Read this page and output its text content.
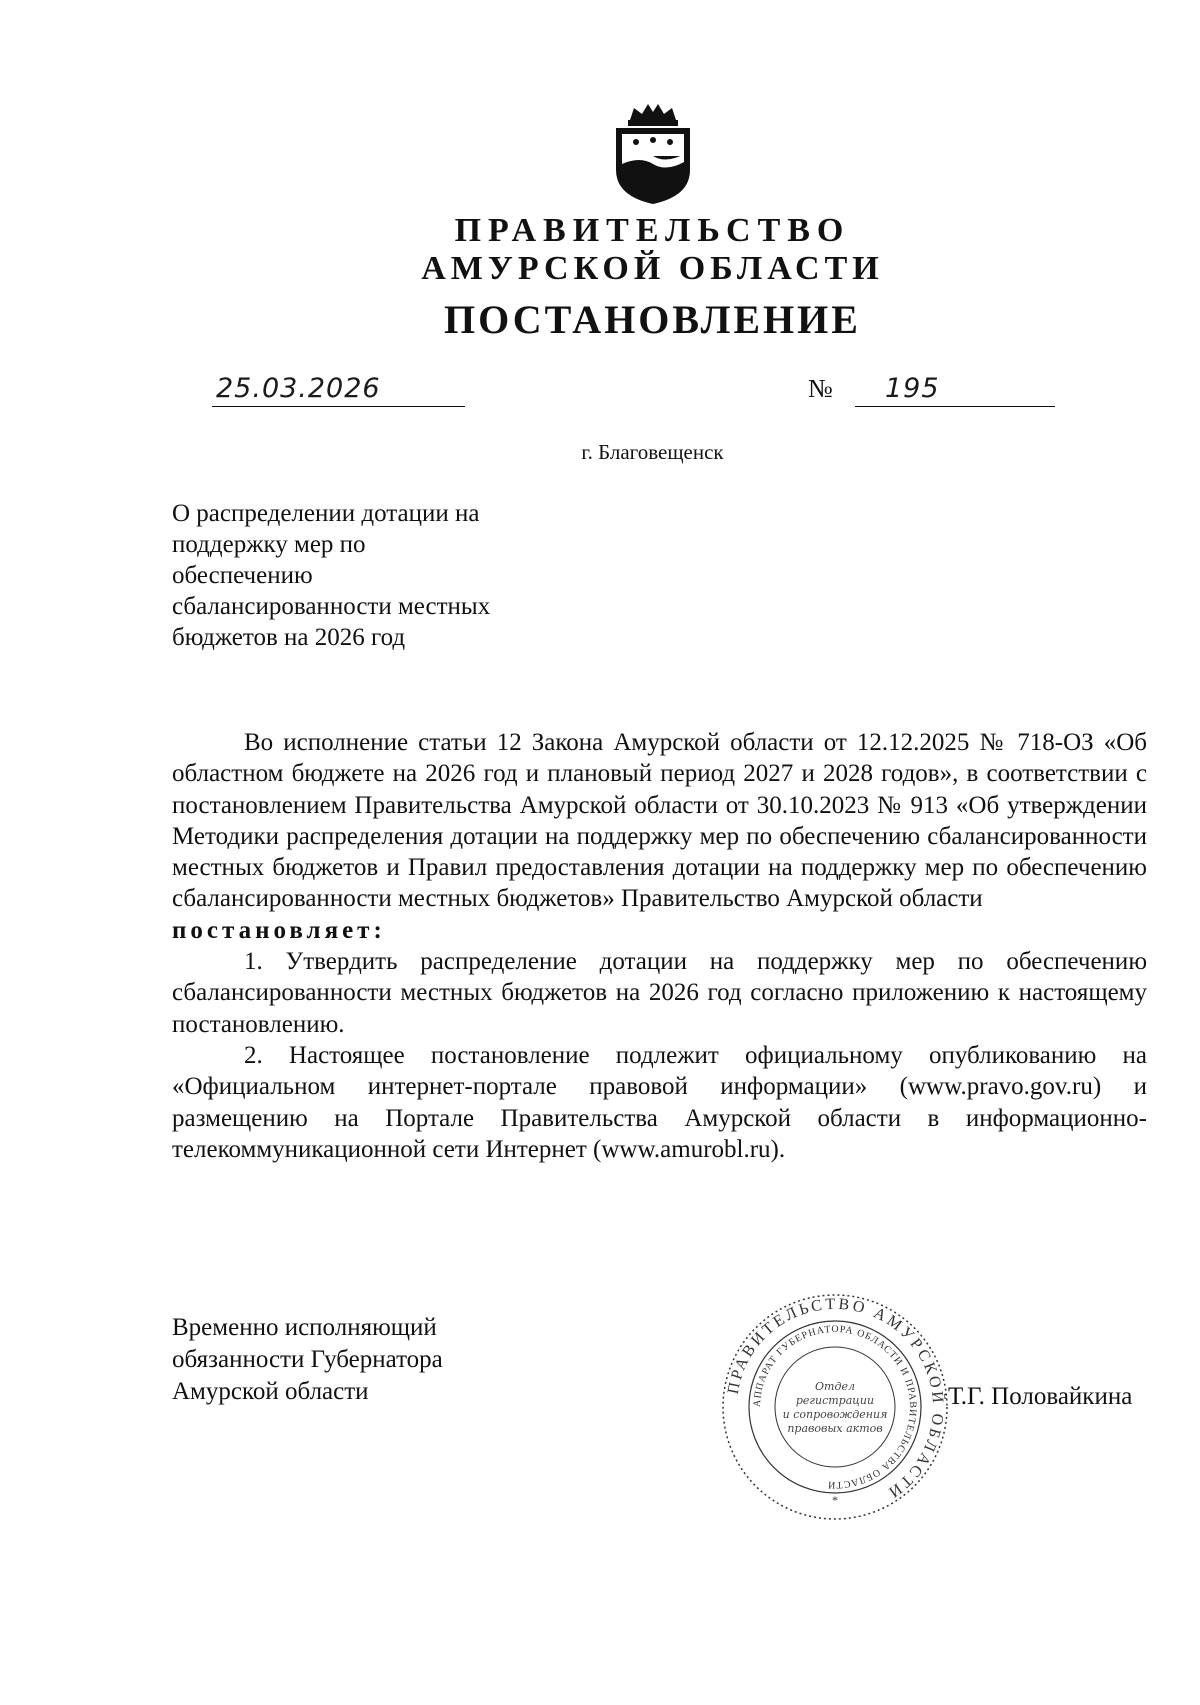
ПРАВИТЕЛЬСТВО
АМУРСКОЙ ОБЛАСТИ
ПОСТАНОВЛЕНИЕ
25.03.2026	№ 195
г. Благовещенск
О распределении дотации на
поддержку мер по
обеспечению
сбалансированности местных
бюджетов на 2026 год

Во исполнение статьи 12 Закона Амурской области от 12.12.2025 № 718-ОЗ «Об областном бюджете на 2026 год и плановый период 2027 и 2028 годов», в соответствии с постановлением Правительства Амурской области от 30.10.2023 № 913 «Об утверждении Методики распределения дотации на поддержку мер по обеспечению сбалансированности местных бюджетов и Правил предоставления дотации на поддержку мер по обеспечению сбалансированности местных бюджетов» Правительство Амурской области

постановляет:

1. Утвердить распределение дотации на поддержку мер по обеспечению сбалансированности местных бюджетов на 2026 год согласно приложению к настоящему постановлению.

2. Настоящее постановление подлежит официальному опубликованию на «Официальном интернет-портале правовой информации» (www.pravo.gov.ru) и размещению на Портале Правительства Амурской области в информационно-телекоммуникационной сети Интернет (www.amurobl.ru).

Временно исполняющий
обязанности Губернатора
Амурской области	ПРАВИТЕЛЬСТВО АМУРСКОЙ ОБЛАСТИ
АППАРАТ ГУБЕРНАТОРА ОБЛАСТИ И ПРАВИТЕЛЬСТВА ОБЛАСТИ
Отдел
регистрации
и сопровождения
правовых актов
*
Т.Г. Половайкина
